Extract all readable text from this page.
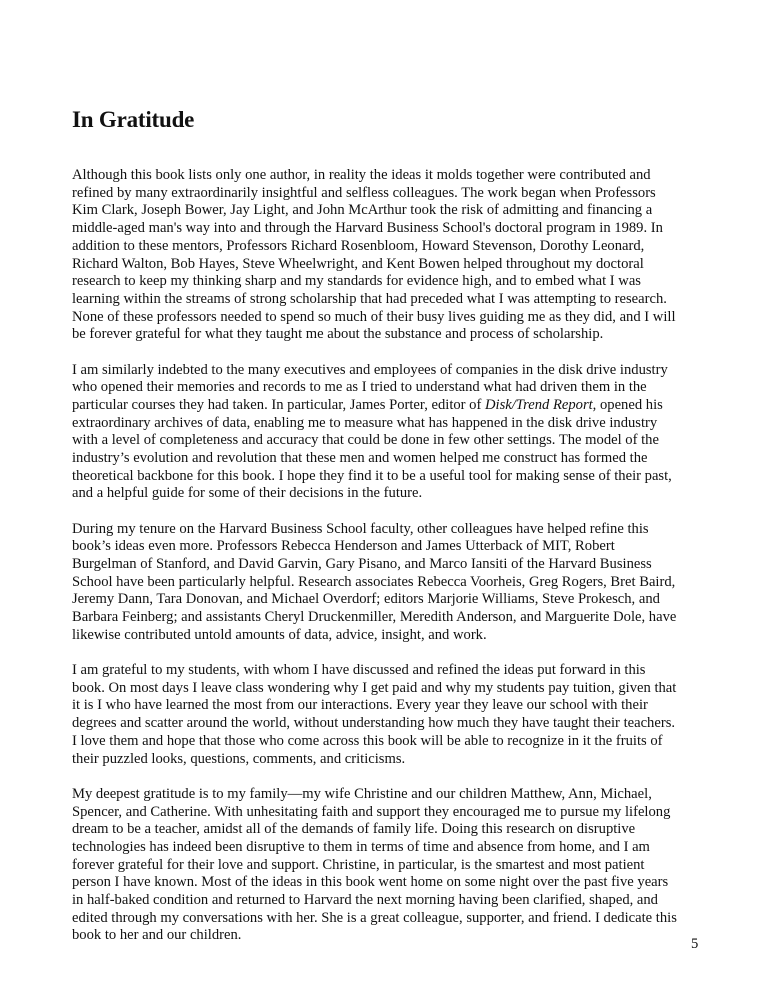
In Gratitude

Although this book lists only one author, in reality the ideas it molds together were contributed and
refined by many extraordinarily insightful and selfless colleagues. The work began when Professors
Kim Clark, Joseph Bower, Jay Light, and John McArthur took the risk of admitting and financing a
middle-aged man's way into and through the Harvard Business School's doctoral program in 1989. In
addition to these mentors, Professors Richard Rosenbloom, Howard Stevenson, Dorothy Leonard,
Richard Walton, Bob Hayes, Steve Wheelwright, and Kent Bowen helped throughout my doctoral
research to keep my thinking sharp and my standards for evidence high, and to embed what I was
learning within the streams of strong scholarship that had preceded what I was attempting to research.
None of these professors needed to spend so much of their busy lives guiding me as they did, and I will
be forever grateful for what they taught me about the substance and process of scholarship.

I am similarly indebted to the many executives and employees of companies in the disk drive industry
who opened their memories and records to me as I tried to understand what had driven them in the
particular courses they had taken. In particular, James Porter, editor of Disk/Trend Report, opened his
extraordinary archives of data, enabling me to measure what has happened in the disk drive industry
with a level of completeness and accuracy that could be done in few other settings. The model of the
industry’s evolution and revolution that these men and women helped me construct has formed the
theoretical backbone for this book. I hope they find it to be a useful tool for making sense of their past,
and a helpful guide for some of their decisions in the future.

During my tenure on the Harvard Business School faculty, other colleagues have helped refine this
book’s ideas even more. Professors Rebecca Henderson and James Utterback of MIT, Robert
Burgelman of Stanford, and David Garvin, Gary Pisano, and Marco Iansiti of the Harvard Business
School have been particularly helpful. Research associates Rebecca Voorheis, Greg Rogers, Bret Baird,
Jeremy Dann, Tara Donovan, and Michael Overdorf; editors Marjorie Williams, Steve Prokesch, and
Barbara Feinberg; and assistants Cheryl Druckenmiller, Meredith Anderson, and Marguerite Dole, have
likewise contributed untold amounts of data, advice, insight, and work.

I am grateful to my students, with whom I have discussed and refined the ideas put forward in this
book. On most days I leave class wondering why I get paid and why my students pay tuition, given that
it is I who have learned the most from our interactions. Every year they leave our school with their
degrees and scatter around the world, without understanding how much they have taught their teachers.
I love them and hope that those who come across this book will be able to recognize in it the fruits of
their puzzled looks, questions, comments, and criticisms.

My deepest gratitude is to my family—my wife Christine and our children Matthew, Ann, Michael,
Spencer, and Catherine. With unhesitating faith and support they encouraged me to pursue my lifelong
dream to be a teacher, amidst all of the demands of family life. Doing this research on disruptive
technologies has indeed been disruptive to them in terms of time and absence from home, and I am
forever grateful for their love and support. Christine, in particular, is the smartest and most patient
person I have known. Most of the ideas in this book went home on some night over the past five years
in half-baked condition and returned to Harvard the next morning having been clarified, shaped, and
edited through my conversations with her. She is a great colleague, supporter, and friend. I dedicate this
book to her and our children.

5
